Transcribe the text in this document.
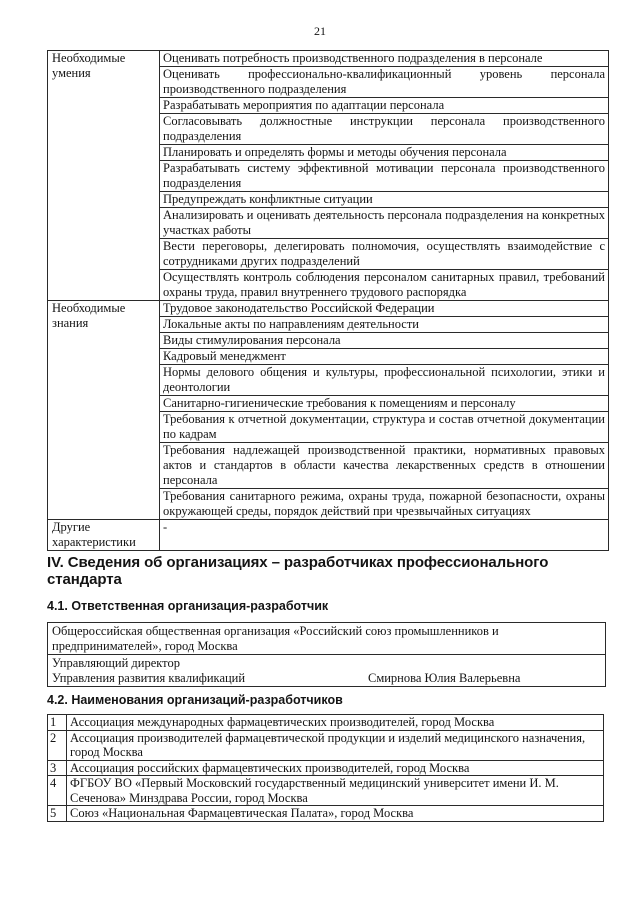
21
Необходимые умения	Оценивать потребность производственного подразделения в персонале
	Оценивать профессионально-квалификационный уровень персонала производственного подразделения
	Разрабатывать мероприятия по адаптации персонала
	Согласовывать должностные инструкции персонала производственного подразделения
	Планировать и определять формы и методы обучения персонала
	Разрабатывать систему эффективной мотивации персонала производственного подразделения
	Предупреждать конфликтные ситуации
	Анализировать и оценивать деятельность персонала подразделения на конкретных участках работы
	Вести переговоры, делегировать полномочия, осуществлять взаимодействие с сотрудниками других подразделений
	Осуществлять контроль соблюдения персоналом санитарных правил, требований охраны труда, правил внутреннего трудового распорядка
Необходимые знания	Трудовое законодательство Российской Федерации
	Локальные акты по направлениям деятельности
	Виды стимулирования персонала
	Кадровый менеджмент
	Нормы делового общения и культуры, профессиональной психологии, этики и деонтологии
	Санитарно-гигиенические требования к помещениям и персоналу
	Требования к отчетной документации, структура и состав отчетной документации по кадрам
	Требования надлежащей производственной практики, нормативных правовых актов и стандартов в области качества лекарственных средств в отношении персонала
	Требования санитарного режима, охраны труда, пожарной безопасности, охраны окружающей среды, порядок действий при чрезвычайных ситуациях
Другие характеристики	-
IV. Сведения об организациях – разработчиках профессионального стандарта
4.1. Ответственная организация-разработчик
Общероссийская общественная организация «Российский союз промышленников и предпринимателей», город Москва
Управляющий директор
Управления развития квалификаций	Смирнова Юлия Валерьевна
4.2. Наименования организаций-разработчиков
1	Ассоциация международных фармацевтических производителей, город Москва
2	Ассоциация производителей фармацевтической продукции и изделий медицинского назначения, город Москва
3	Ассоциация российских фармацевтических производителей, город Москва
4	ФГБОУ ВО «Первый Московский государственный медицинский университет имени И. М. Сеченова» Минздрава России, город Москва
5	Союз «Национальная Фармацевтическая Палата», город Москва
